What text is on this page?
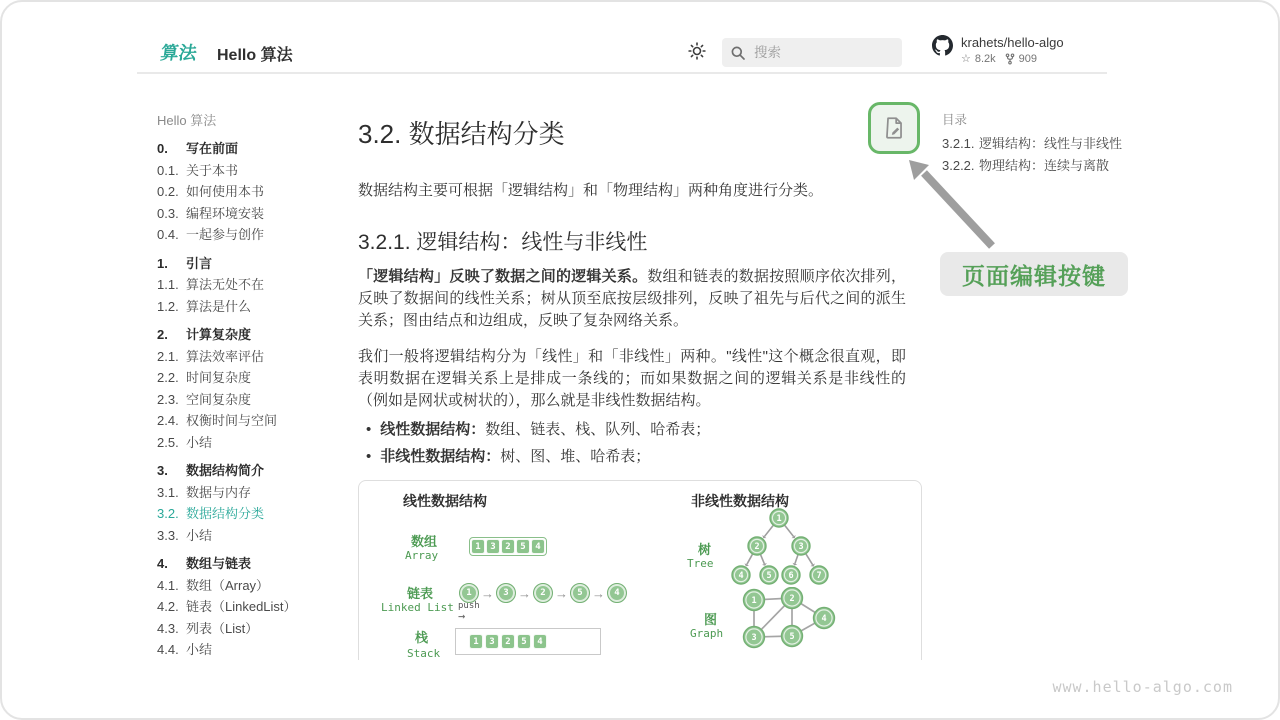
算法 Hello 算法
搜索
krahets/hello-algo
☆ 8.2k 909
Hello 算法
0. 写在前面
0.1. 关于本书
0.2. 如何使用本书
0.3. 编程环境安装
0.4. 一起参与创作
1. 引言
1.1. 算法无处不在
1.2. 算法是什么
2. 计算复杂度
2.1. 算法效率评估
2.2. 时间复杂度
2.3. 空间复杂度
2.4. 权衡时间与空间
2.5. 小结
3. 数据结构简介
3.1. 数据与内存
3.2. 数据结构分类
3.3. 小结
4. 数组与链表
4.1. 数组（Array）
4.2. 链表（LinkedList）
4.3. 列表（List）
4.4. 小结
3.2. 数据结构分类

数据结构主要可根据「逻辑结构」和「物理结构」两种角度进行分类。

3.2.1. 逻辑结构：线性与非线性

「逻辑结构」反映了数据之间的逻辑关系。数组和链表的数据按照顺序依次排列，反映了数据间的线性关系；树从顶至底按层级排列，反映了祖先与后代之间的派生关系；图由结点和边组成，反映了复杂网络关系。

我们一般将逻辑结构分为「线性」和「非线性」两种。"线性"这个概念很直观，即表明数据在逻辑关系上是排成一条线的；而如果数据之间的逻辑关系是非线性的（例如是网状或树状的），那么就是非线性数据结构。

• 线性数据结构：数组、链表、栈、队列、哈希表；
• 非线性数据结构：树、图、堆、哈希表；
线性数据结构	非线性数据结构
数组
Array
1	3	2	5	4
链表
Linked List
1 →	3 →	2 →	5 →	4
push
→
栈
Stack
1	3	2	5	4
树
Tree
1
2	3
4	5 6	7
图
Graph
1	2
3
4
5
目录
3.2.1. 逻辑结构：线性与非线性
3.2.2. 物理结构：连续与离散
页面编辑按键
www.hello-algo.com
